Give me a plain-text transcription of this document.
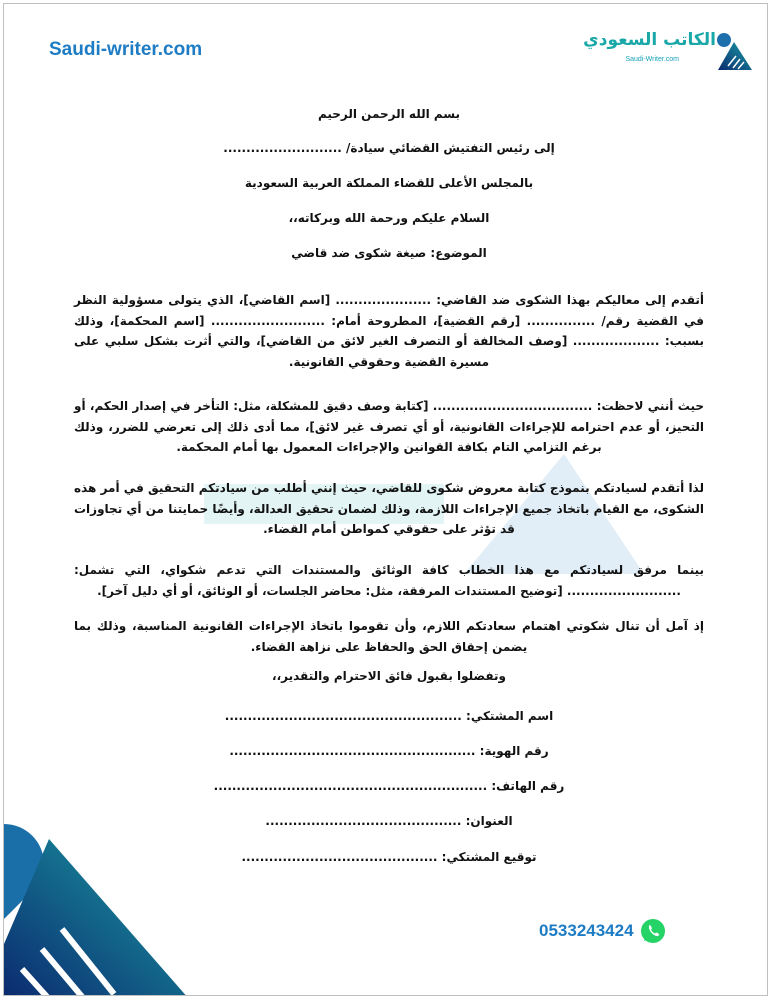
Saudi-writer.com	الكاتب السعودي
Saudi-Writer.com
بسم الله الرحمن الرحيم
إلى رئيس التفتيش القضائي سيادة/ ..........................
بالمجلس الأعلى للقضاء المملكة العربية السعودية
السلام عليكم ورحمة الله وبركاته،،
الموضوع: صيغة شكوى ضد قاضي

أتقدم إلى معاليكم بهذا الشكوى ضد القاضي: ..................... [اسم القاضي]، الذي يتولى مسؤولية النظر في القضية رقم/ ............... [رقم القضية]، المطروحة أمام: ......................... [اسم المحكمة]، وذلك بسبب: ................... [وصف المخالفة أو التصرف الغير لائق من القاضي]، والتي أثرت بشكل سلبي على مسيرة القضية وحقوقي القانونية.

حيث أنني لاحظت: ................................... [كتابة وصف دقيق للمشكلة، مثل: التأخر في إصدار الحكم، أو التحيز، أو عدم احترامه للإجراءات القانونية، أو أي تصرف غير لائق]، مما أدى ذلك إلى تعرضي للضرر، وذلك برغم التزامي التام بكافة القوانين والإجراءات المعمول بها أمام المحكمة.

لذا أتقدم لسيادتكم بنموذج كتابة معروض شكوى للقاضي، حيث إنني أطلب من سيادتكم التحقيق في أمر هذه الشكوى، مع القيام باتخاذ جميع الإجراءات اللازمة، وذلك لضمان تحقيق العدالة، وأيضًا حمايتنا من أي تجاوزات قد تؤثر على حقوقي كمواطن أمام القضاء.

بينما مرفق لسيادتكم مع هذا الخطاب كافة الوثائق والمستندات التي تدعم شكواي، التي تشمل: ......................... [توضيح المستندات المرفقة، مثل: محاضر الجلسات، أو الوثائق، أو أي دليل آخر].

إذ آمل أن تنال شكوتي اهتمام سعادتكم اللازم، وأن تقوموا باتخاذ الإجراءات القانونية المناسبة، وذلك بما يضمن إحقاق الحق والحفاظ على نزاهة القضاء.

وتفضلوا بقبول فائق الاحترام والتقدير،،
اسم المشتكي: ....................................................
رقم الهوية: ......................................................
رقم الهاتف: ............................................................
العنوان: ...........................................
توقيع المشتكي: ...........................................
0533243424
